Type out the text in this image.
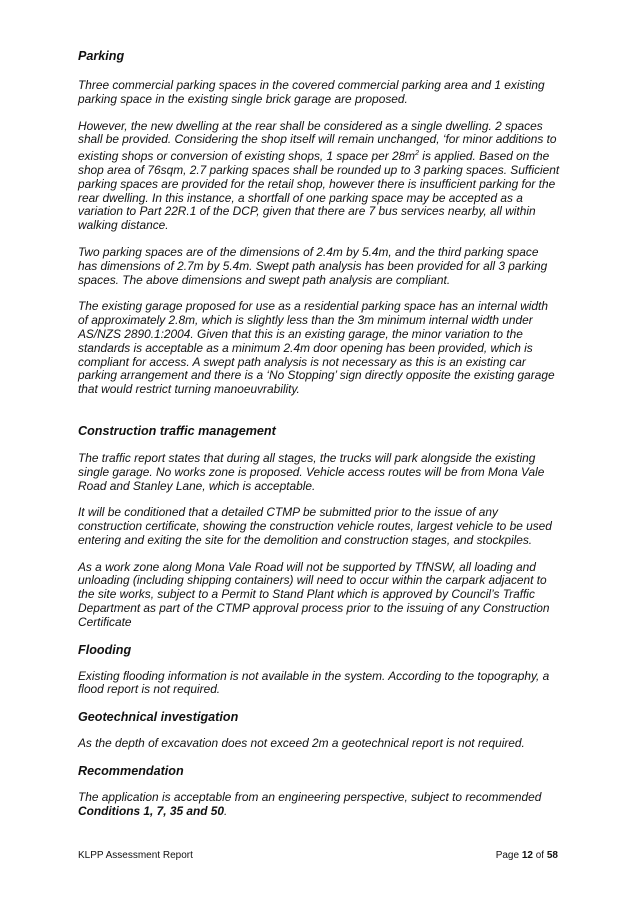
Parking

Three commercial parking spaces in the covered commercial parking area and 1 existing parking space in the existing single brick garage are proposed.

However, the new dwelling at the rear shall be considered as a single dwelling. 2 spaces shall be provided. Considering the shop itself will remain unchanged, ‘for minor additions to existing shops or conversion of existing shops, 1 space per $28m^2$ is applied. Based on the shop area of 76sqm, 2.7 parking spaces shall be rounded up to 3 parking spaces. Sufficient parking spaces are provided for the retail shop, however there is insufficient parking for the rear dwelling. In this instance, a shortfall of one parking space may be accepted as a variation to Part 22R.1 of the DCP, given that there are 7 bus services nearby, all within walking distance.

Two parking spaces are of the dimensions of 2.4m by 5.4m, and the third parking space has dimensions of 2.7m by 5.4m. Swept path analysis has been provided for all 3 parking spaces. The above dimensions and swept path analysis are compliant.

The existing garage proposed for use as a residential parking space has an internal width of approximately 2.8m, which is slightly less than the 3m minimum internal width under AS/NZS 2890.1:2004. Given that this is an existing garage, the minor variation to the standards is acceptable as a minimum 2.4m door opening has been provided, which is compliant for access. A swept path analysis is not necessary as this is an existing car parking arrangement and there is a ‘No Stopping’ sign directly opposite the existing garage that would restrict turning manoeuvrability.

Construction traffic management

The traffic report states that during all stages, the trucks will park alongside the existing single garage. No works zone is proposed. Vehicle access routes will be from Mona Vale Road and Stanley Lane, which is acceptable.

It will be conditioned that a detailed CTMP be submitted prior to the issue of any construction certificate, showing the construction vehicle routes, largest vehicle to be used entering and exiting the site for the demolition and construction stages, and stockpiles.

As a work zone along Mona Vale Road will not be supported by TfNSW, all loading and unloading (including shipping containers) will need to occur within the carpark adjacent to the site works, subject to a Permit to Stand Plant which is approved by Council’s Traffic Department as part of the CTMP approval process prior to the issuing of any Construction Certificate

Flooding

Existing flooding information is not available in the system. According to the topography, a flood report is not required.

Geotechnical investigation

As the depth of excavation does not exceed 2m a geotechnical report is not required.

Recommendation

The application is acceptable from an engineering perspective, subject to recommended Conditions 1, 7, 35 and 50.

KLPP Assessment Report	Page 12 of 58
